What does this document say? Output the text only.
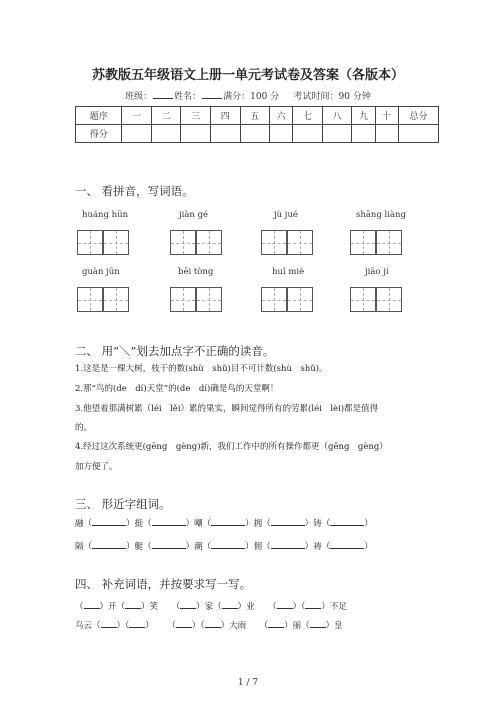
苏教版五年级语文上册一单元考试卷及答案（各版本）
班级： 姓名： 满分：100 分 考试时间：90 分钟
题序	一	二	三	四	五	六	七	八	九	十	总分
得分											
一、 看拼音，写词语。
huáng hūn	jiàn gé	jù jué	shāng liàng
guàn jūn	bēi tòng	huǐ miè	jiāo jí
二、 用“＼”划去加点字不正确的读音。
1.这是是一棵大树，枝干的数(shù　shǔ)目不可计数(shù　shǔ)。
2.那“鸟的(de　dí)天堂”的(de　dí)确是鸟的天堂啊！
3.他望着那满树累（léi　lěi）累的果实，瞬间觉得所有的劳累(léi　lèi)都是值得
的。
4.经过这次系统更(gēng　gèng)新，我们工作中的所有操作都更（gēng　gèng）
加方便了。
三、 形近字组词。
融（	）挺（	）嘲（	）拥（	）铸（	）
隔（	）艇（	）潮（	）佣（	）祷（	）
四、 补充词语，并按要求写一写。
（ ）开（ ）笑 （ ）家（ ）业 （ ）（ ）不足
乌云（ ）（ ） （ ）（ ）大雨 （ ）丽（ ）皇
1 / 7
